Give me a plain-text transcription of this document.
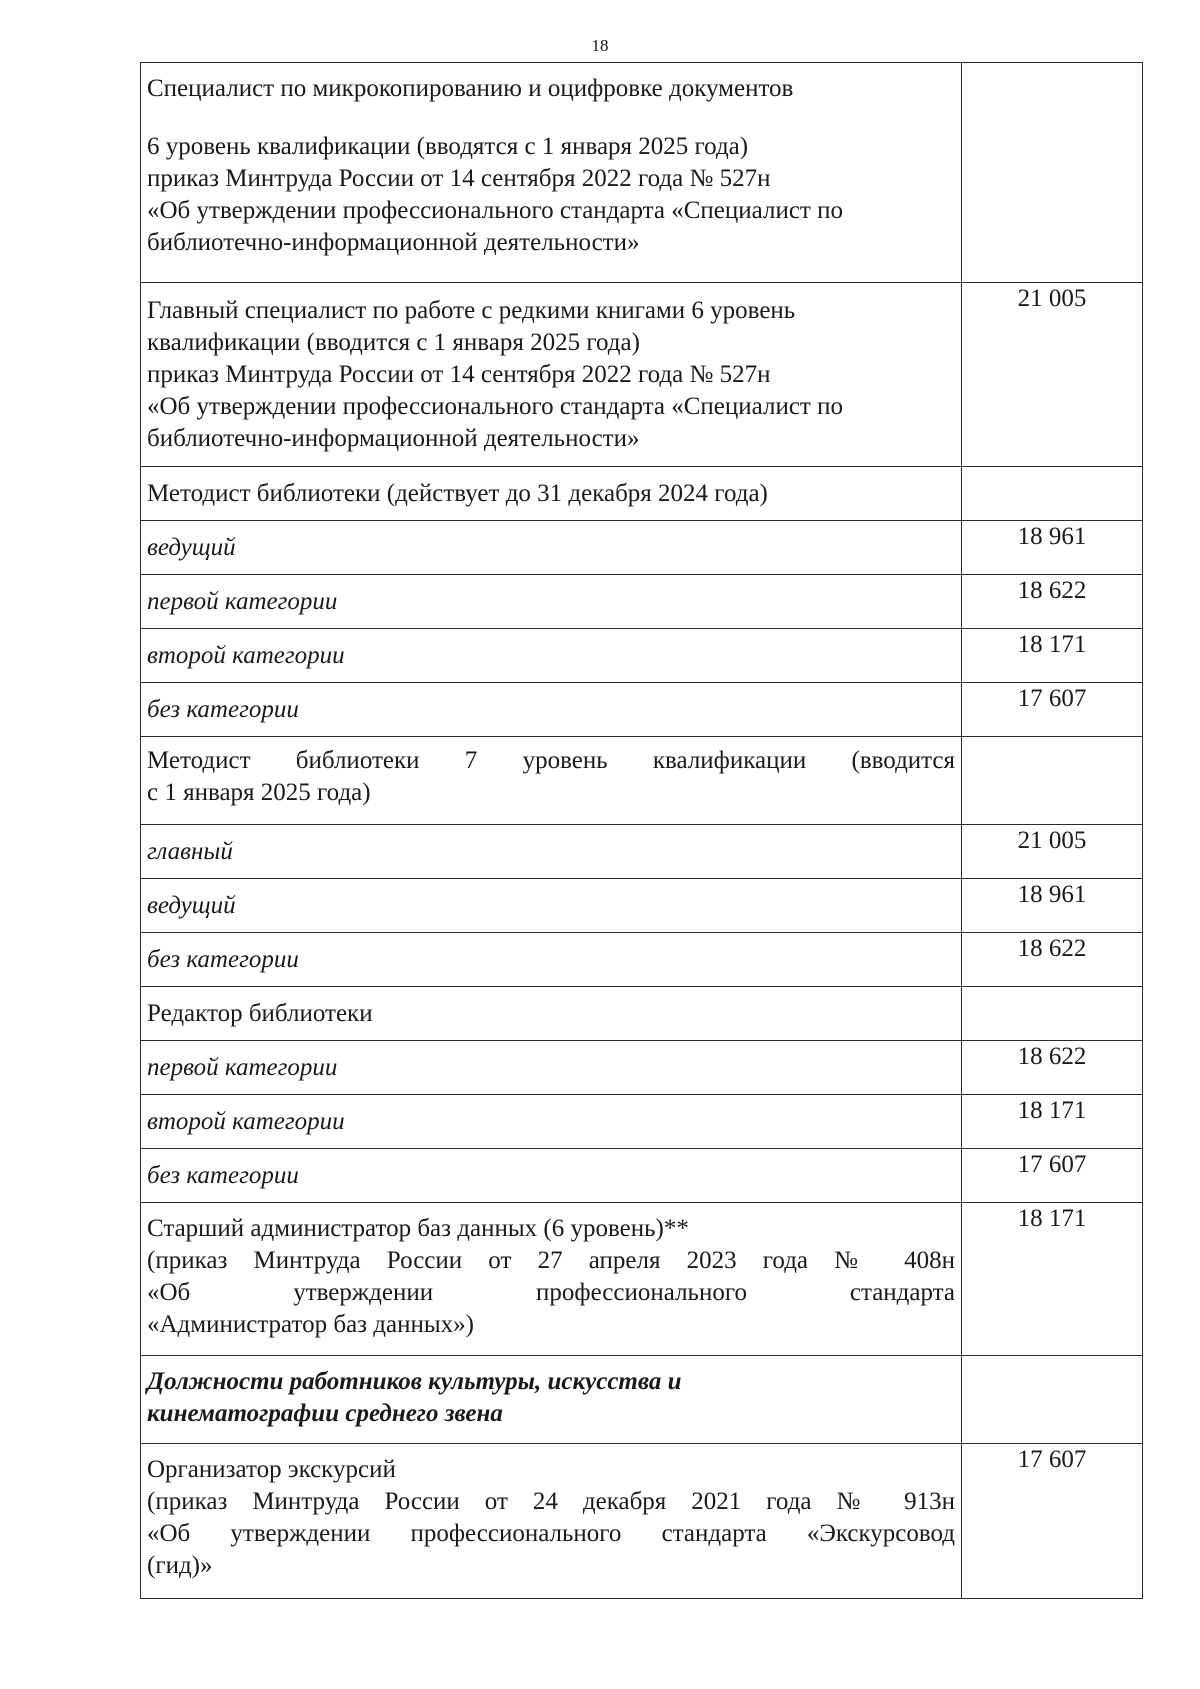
18
Специалист по микрокопированию и оцифровке документов
6 уровень квалификации (вводятся с 1 января 2025 года)
приказ Минтруда России от 14 сентября 2022 года № 527н
«Об утверждении профессионального стандарта «Специалист по
библиотечно-информационной деятельности»	

Главный специалист по работе с редкими книгами 6 уровень
квалификации (вводится с 1 января 2025 года)
приказ Минтруда России от 14 сентября 2022 года № 527н
«Об утверждении профессионального стандарта «Специалист по
библиотечно-информационной деятельности»	21 005

Методист библиотеки (действует до 31 декабря 2024 года)	

ведущий	18 961

первой категории	18 622

второй категории	18 171

без категории	17 607

Методист библиотеки 7 уровень квалификации (вводится
с 1 января 2025 года)	

главный	21 005

ведущий	18 961

без категории	18 622

Редактор библиотеки	

первой категории	18 622

второй категории	18 171

без категории	17 607

Старший администратор баз данных (6 уровень)**
(приказ Минтруда России от 27 апреля 2023 года № 408н
«Об утверждении профессионального стандарта
«Администратор баз данных»)	18 171

Должности работников культуры, искусства и
кинематографии среднего звена	

Организатор экскурсий
(приказ Минтруда России от 24 декабря 2021 года № 913н
«Об утверждении профессионального стандарта «Экскурсовод
(гид)»	17 607
